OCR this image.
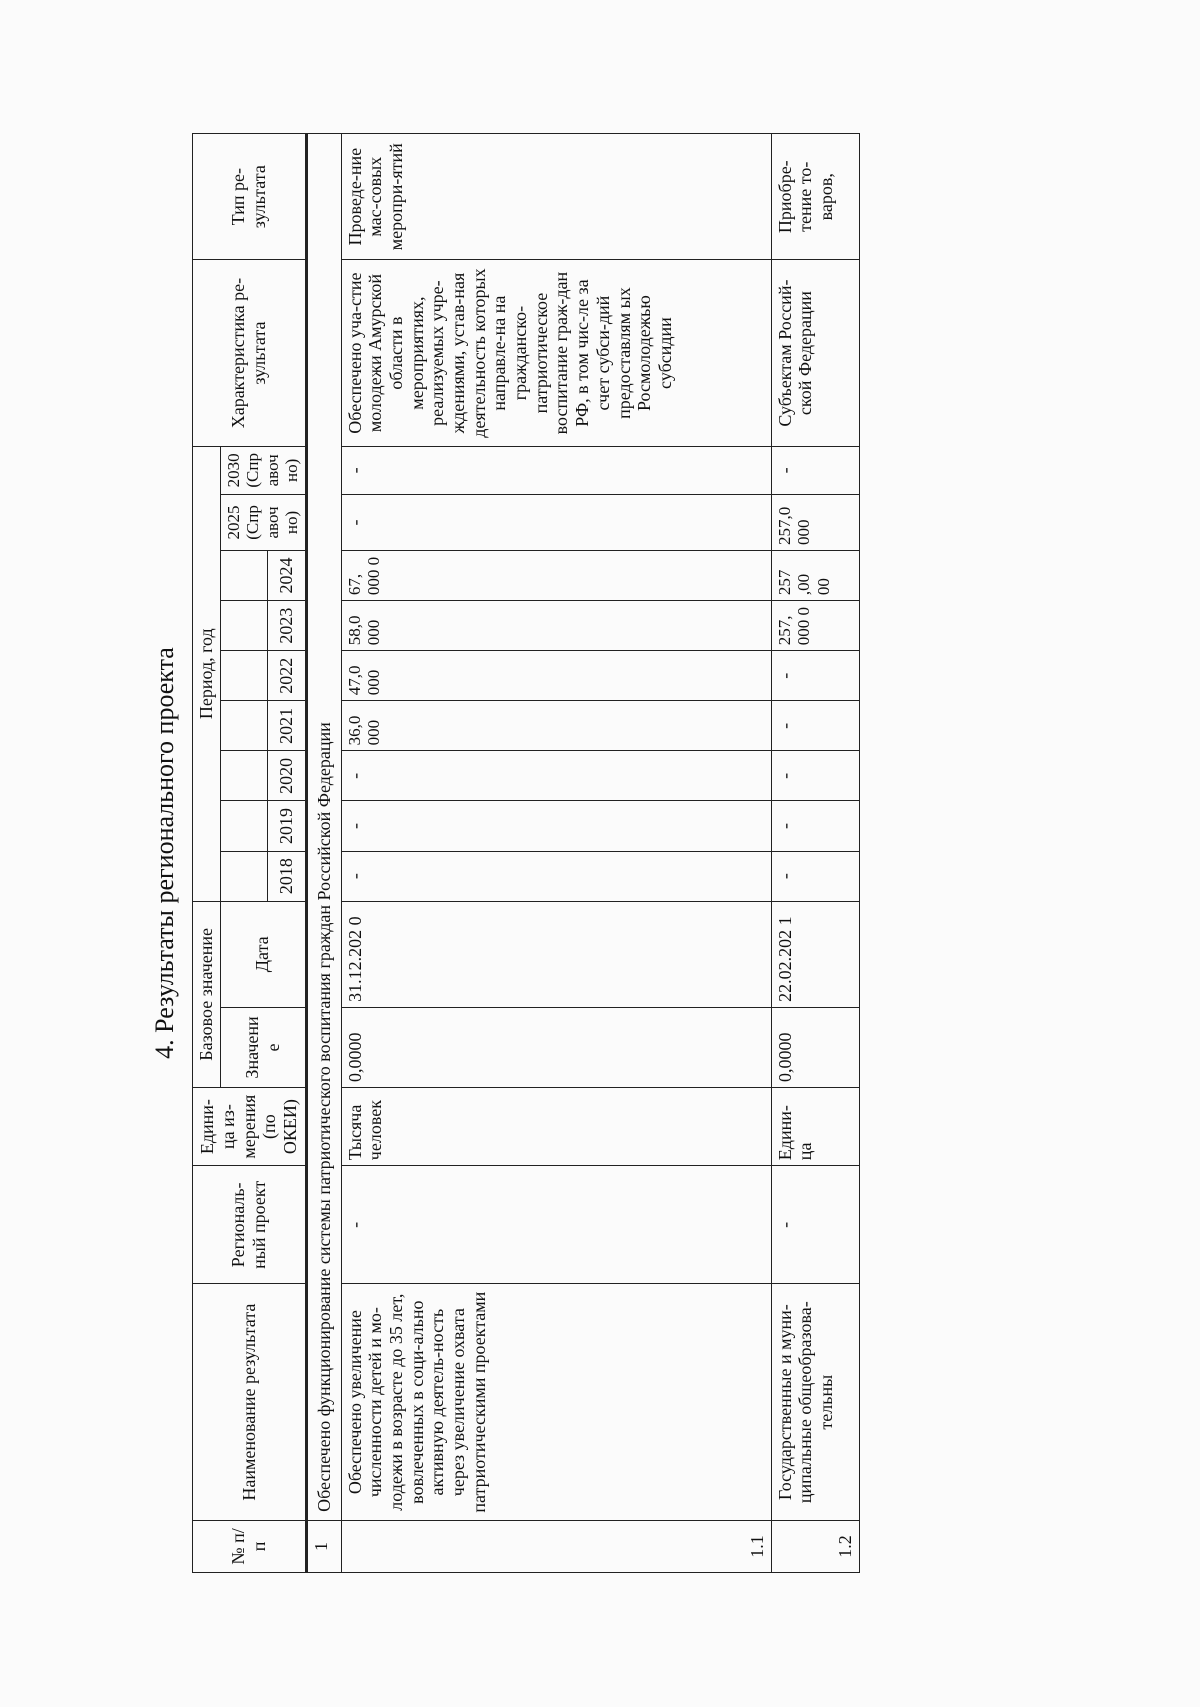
4. Результаты регионального проекта
№ п/п	Наименование результата	Региональ-ный проект	Едини-ца из-мерения (по ОКЕИ)	Базовое значение		Период, год									Характеристика ре-зультата	Тип ре-зультата
				Значение	Дата								2025 (Спр авоч но)	2030 (Спр авоч но)		
						2018	2019	2020	2021	2022	2023	2024				
1	Обеспечено функционирование системы патриотического воспитания граждан Российской Федерации															
1.1	Обеспечено увеличение численности детей и мо-лодежи в возрасте до 35 лет, вовлеченных в соци-ально активную деятель-ность через увеличение охвата патриотическими проектами	-	Тысяча человек	0,0000	31.12.202 0	-	-	-	36,0 000	47,0 000	58,0 000	67, 000 0	-	-	Обеспечено уча-стие молодежи Амурской области в мероприятиях, реализуемых учре-ждениями, устав-ная деятельность которых направле-на на гражданско-патриотическое воспитание граж-дан РФ, в том чис-ле за счет субси-дий предоставлям ых Росмолодежью субсидии	Проведе-ние мас-совых меропри-ятий
1.2	Государственные и муни-ципальные общеобразова-тельны	-	Едини-ца	0,0000	22.02.202 1	-	-	-	-	-	257, 000 0	257 ,00 00	257,0 000	-	Субъектам Россий-ской Федерации	Приобре-тение то-варов,
